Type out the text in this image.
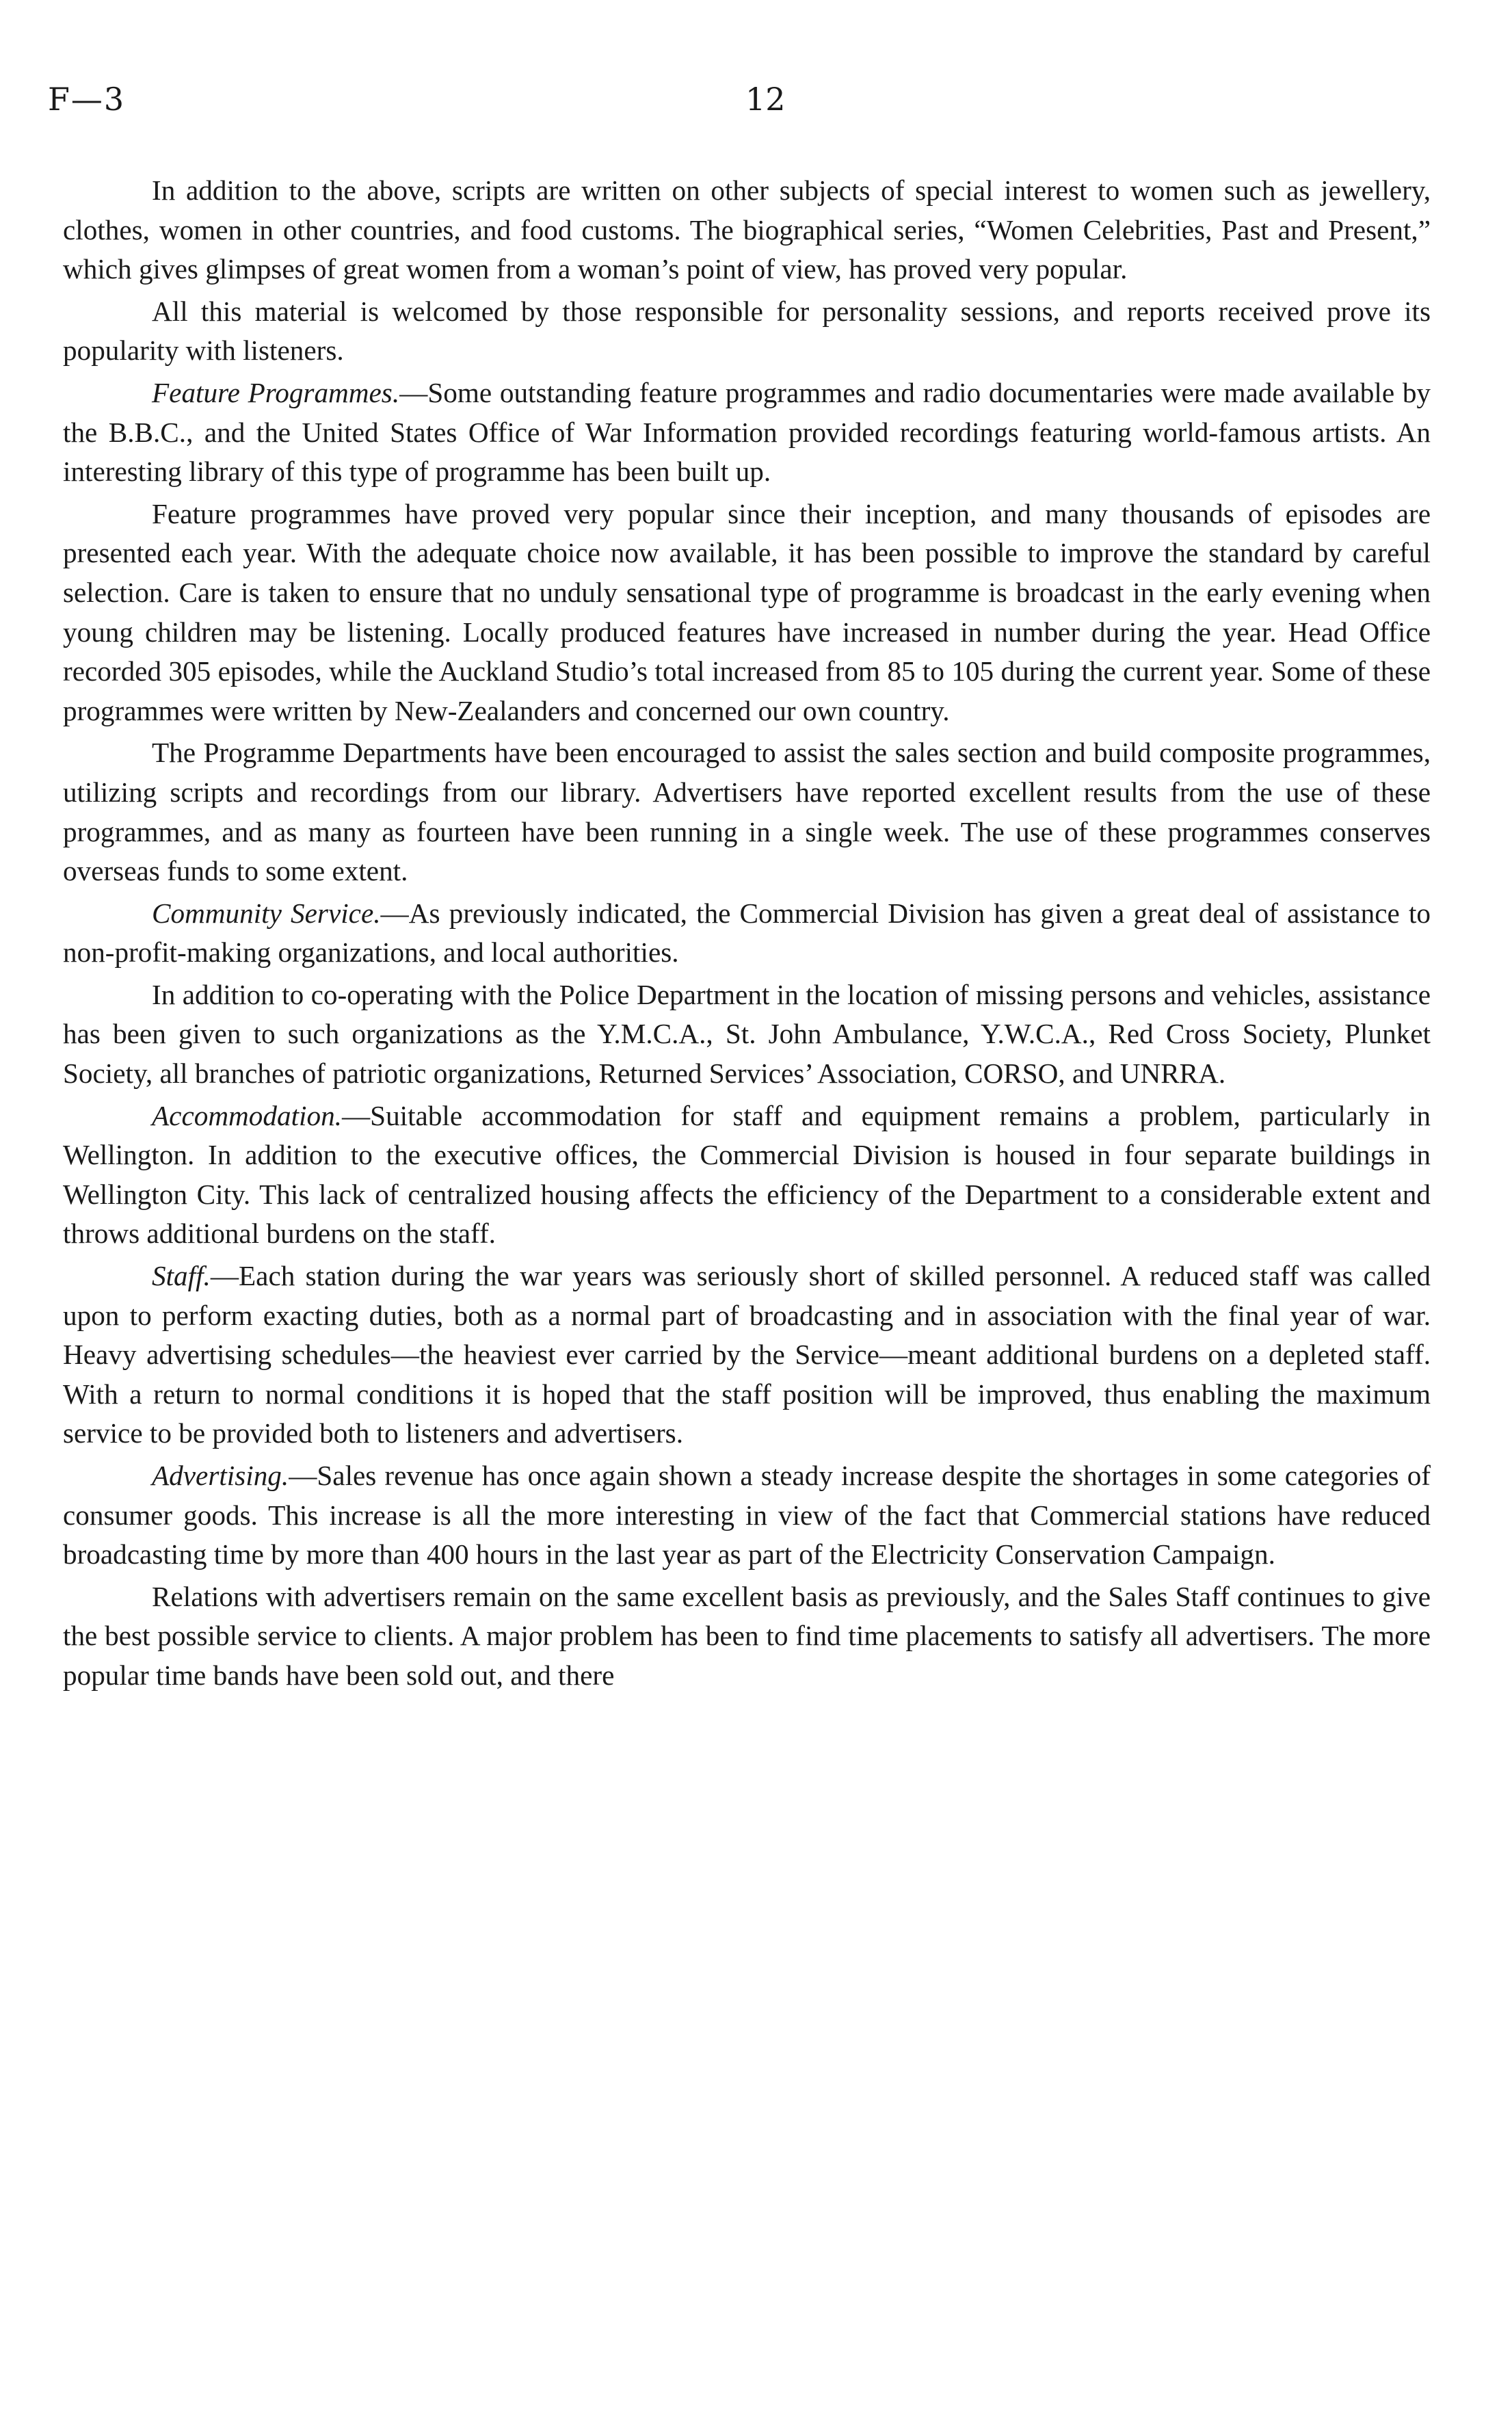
F—3	12

In addition to the above, scripts are written on other subjects of special interest to women such as jewellery, clothes, women in other countries, and food customs. The biographical series, “Women Celebrities, Past and Present,” which gives glimpses of great women from a woman’s point of view, has proved very popular.

All this material is welcomed by those responsible for personality sessions, and reports received prove its popularity with listeners.

Feature Programmes.—Some outstanding feature programmes and radio documentaries were made available by the B.B.C., and the United States Office of War Information provided recordings featuring world-famous artists. An interesting library of this type of programme has been built up.

Feature programmes have proved very popular since their inception, and many thousands of episodes are presented each year. With the adequate choice now available, it has been possible to improve the standard by careful selection. Care is taken to ensure that no unduly sensational type of programme is broadcast in the early evening when young children may be listening. Locally produced features have increased in number during the year. Head Office recorded 305 episodes, while the Auckland Studio’s total increased from 85 to 105 during the current year. Some of these programmes were written by New-Zealanders and concerned our own country.

The Programme Departments have been encouraged to assist the sales section and build composite programmes, utilizing scripts and recordings from our library. Advertisers have reported excellent results from the use of these programmes, and as many as fourteen have been running in a single week. The use of these programmes conserves overseas funds to some extent.

Community Service.—As previously indicated, the Commercial Division has given a great deal of assistance to non-profit-making organizations, and local authorities.

In addition to co-operating with the Police Department in the location of missing persons and vehicles, assistance has been given to such organizations as the Y.M.C.A., St. John Ambulance, Y.W.C.A., Red Cross Society, Plunket Society, all branches of patriotic organizations, Returned Services’ Association, CORSO, and UNRRA.

Accommodation.—Suitable accommodation for staff and equipment remains a problem, particularly in Wellington. In addition to the executive offices, the Commercial Division is housed in four separate buildings in Wellington City. This lack of centralized housing affects the efficiency of the Department to a considerable extent and throws additional burdens on the staff.

Staff.—Each station during the war years was seriously short of skilled personnel. A reduced staff was called upon to perform exacting duties, both as a normal part of broadcasting and in association with the final year of war. Heavy advertising schedules—the heaviest ever carried by the Service—meant additional burdens on a depleted staff. With a return to normal conditions it is hoped that the staff position will be improved, thus enabling the maximum service to be provided both to listeners and advertisers.

Advertising.—Sales revenue has once again shown a steady increase despite the shortages in some categories of consumer goods. This increase is all the more interesting in view of the fact that Commercial stations have reduced broadcasting time by more than 400 hours in the last year as part of the Electricity Conservation Campaign.

Relations with advertisers remain on the same excellent basis as previously, and the Sales Staff continues to give the best possible service to clients. A major problem has been to find time placements to satisfy all advertisers. The more popular time bands have been sold out, and there
